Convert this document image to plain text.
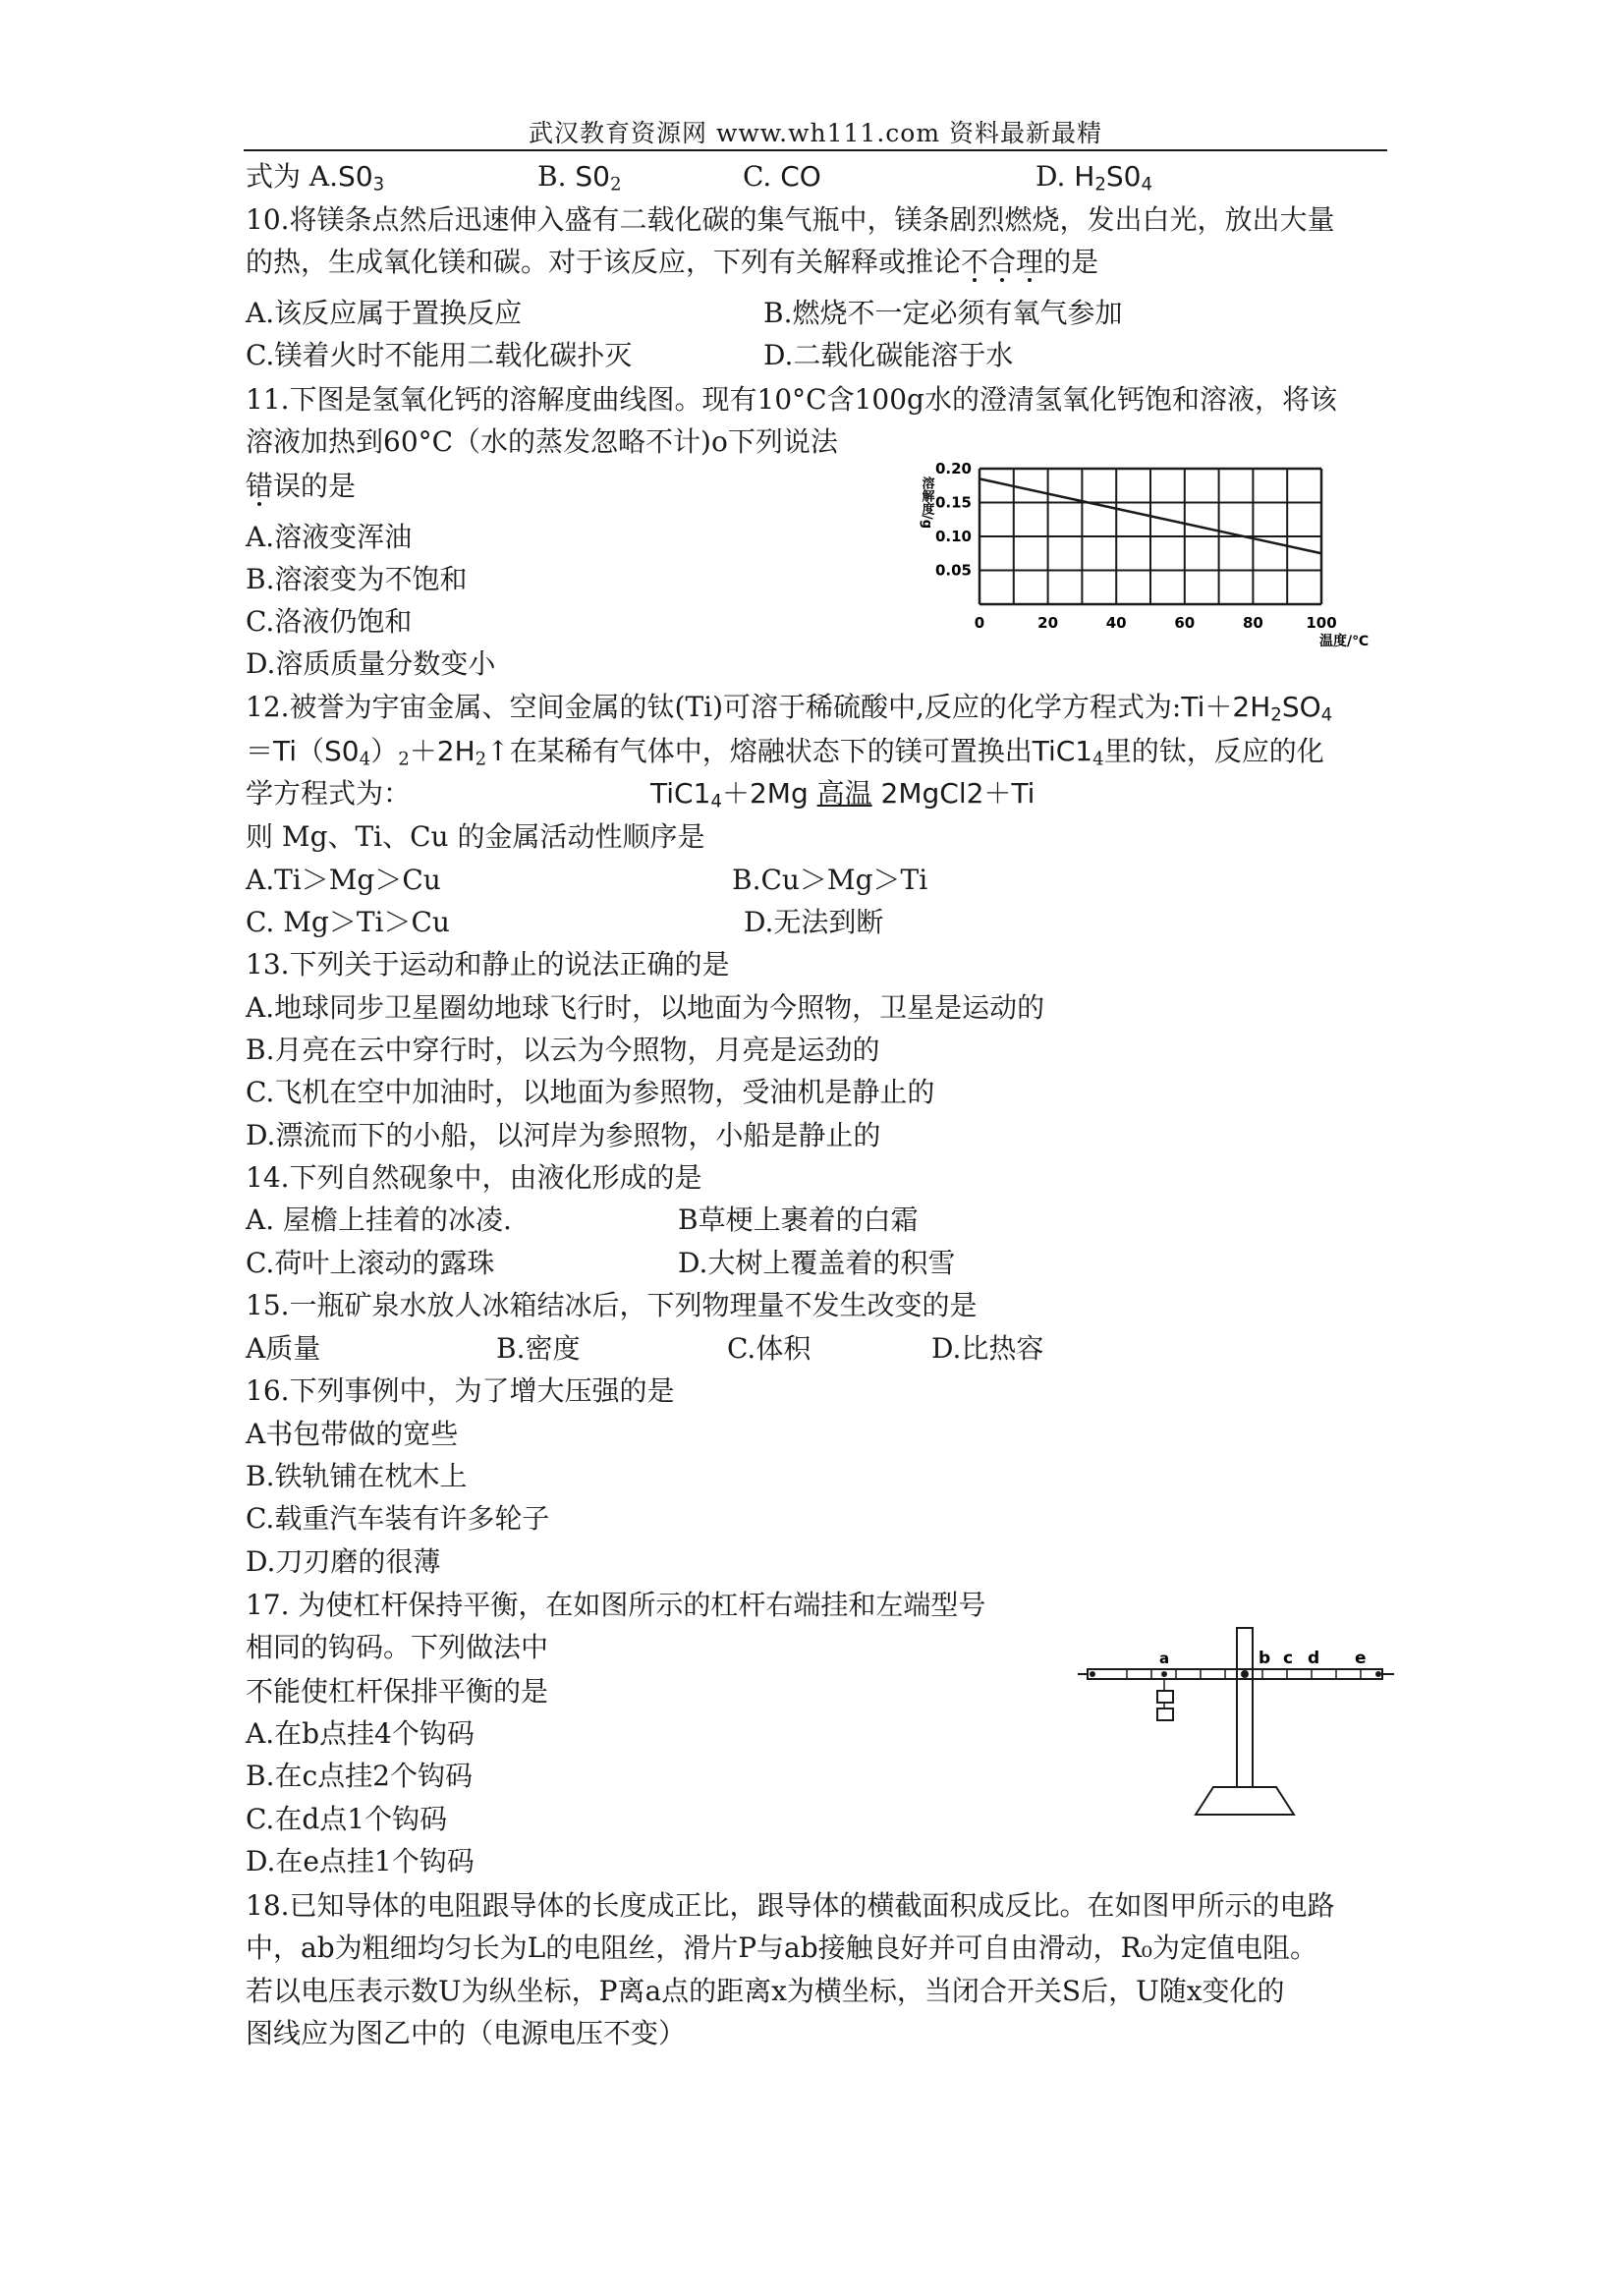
武汉教育资源网 www.wh111.com 资料最新最精
式为 $A.S0_3$	B. $S0_2$	C. CO	D. $H_2S0_4$
10.将镁条点然后迅速伸入盛有二载化碳的集气瓶中，镁条剧烈燃烧，发出白光，放出大量
的热，生成氧化镁和碳。对于该反应，下列有关解释或推论不合理的是
A.该反应属于置换反应	B.燃烧不一定必须有氧气参加
C.镁着火时不能用二载化碳扑灭	D.二载化碳能溶于水
11.下图是氢氧化钙的溶解度曲线图。现有10°C含100g水的澄清氢氧化钙饱和溶液，将该
溶液加热到60°C（水的蒸发忽略不计)o下列说法
错误的是
A.溶液变浑油
B.溶滚变为不饱和
C.洛液仍饱和
D.溶质质量分数变小
0.05
0.10
0.15
0.20
0	20	40	60	80	100
溶解度/g
温度/℃
12.被誉为宇宙金属、空间金属的钛(Ti)可溶于稀硫酸中,反应的化学方程式为$:Ti+2H_2SO_4$
$=Ti(S0_4)_2+2H_2↑$在某稀有气体中，熔融状态下的镁可置换出$TiC1_4$里的钛，反应的化
学方程式为：	$TiC1_4+2Mg$ 高温 2MgCl2＋Ti
则 Mg、Ti、Cu 的金属活动性顺序是
A.Ti＞Mg＞Cu	B.Cu＞Mg＞Ti
C. Mg＞Ti＞Cu	D.无法到断
13.下列关于运动和静止的说法正确的是
A.地球同步卫星圈幼地球飞行时，以地面为今照物，卫星是运动的
B.月亮在云中穿行时，以云为今照物，月亮是运劲的
C.飞机在空中加油时，以地面为参照物，受油机是静止的
D.漂流而下的小船，以河岸为参照物，小船是静止的
14.下列自然砚象中，由液化形成的是
A. 屋檐上挂着的冰凌.	B草梗上裹着的白霜
C.荷叶上滚动的露珠	D.大树上覆盖着的积雪
15.一瓶矿泉水放人冰箱结冰后，下列物理量不发生改变的是
A质量	B.密度	C.体积	D.比热容
16.下列事例中，为了增大压强的是
A书包带做的宽些
B.铁轨铺在枕木上
C.载重汽车装有许多轮子
D.刀刃磨的很薄
17. 为使杠杆保持平衡，在如图所示的杠杆右端挂和左端型号
相同的钩码。下列做法中
不能使杠杆保排平衡的是
A.在b点挂4个钩码
B.在c点挂2个钩码
C.在d点1个钩码
D.在e点挂1个钩码
a	b c d e
18.已知导体的电阻跟导体的长度成正比，跟导体的横截面积成反比。在如图甲所示的电路
中，ab为粗细均匀长为L的电阻丝，滑片P与ab接触良好并可自由滑动，R₀为定值电阻。
若以电压表示数U为纵坐标，P离a点的距离x为横坐标，当闭合开关S后，U随x变化的
图线应为图乙中的（电源电压不变）
